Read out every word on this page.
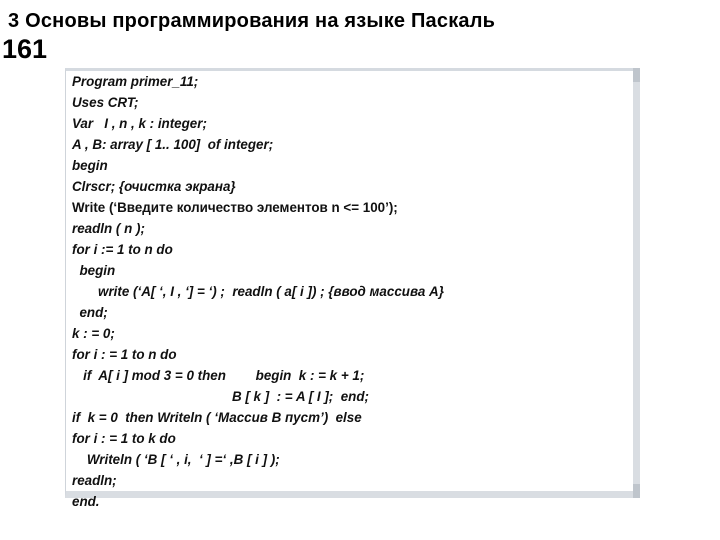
3 Основы программирования на языке Паскаль
161
Program primer_11;
Uses CRT;
Var   I , n , k : integer;
A , B: array [ 1.. 100]  of integer;
begin
Clrscr; {очистка экрана}
Write (‘Введите количество элементов n <= 100’);
readln ( n );
for i := 1 to n do
begin
write (‘A[ ‘, I , ‘] = ‘) ;  readln ( a[ i ]) ; {ввод массива A}
end;
k : = 0;
for i : = 1 to n do
if  A[ i ] mod 3 = 0 then        begin  k : = k + 1;
B [ k ]  : = A [ I ];  end;
if  k = 0  then Writeln ( ‘Массив В пуст’)  else
for i : = 1 to k do
Writeln ( ‘B [ ‘ , i,  ‘ ] =‘ ,B [ i ] );
readln;
end.
